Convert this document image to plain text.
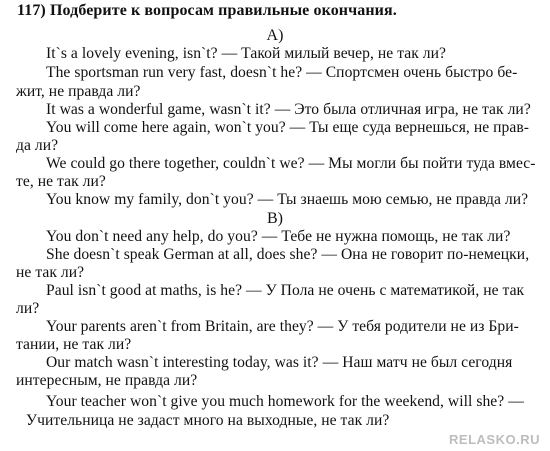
117) Подберите к вопросам правильные окончания.
A)
It`s a lovely evening, isn`t? — Такой милый вечер, не так ли?
The sportsman run very fast, doesn`t he? — Спортсмен очень быстро бе-
жит, не правда ли?
It was a wonderful game, wasn`t it? — Это была отличная игра, не так ли?
You will come here again, won`t you? — Ты еще суда вернешься, не прав-
да ли?
We could go there together, couldn`t we? — Мы могли бы пойти туда вмес-
те, не так ли?
You know my family, don`t you? — Ты знаешь мою семью, не правда ли?
B)
You don`t need any help, do you? — Тебе не нужна помощь, не так ли?
She doesn`t speak German at all, does she? — Она не говорит по-немецки,
не так ли?
Paul isn`t good at maths, is he? — У Пола не очень с математикой, не так
ли?
Your parents aren`t from Britain, are they? — У тебя родители не из Бри-
тании, не так ли?
Our match wasn`t interesting today, was it? — Наш матч не был сегодня
интересным, не правда ли?
Your teacher won`t give you much homework for the weekend, will she? —
Учительница не задаст много на выходные, не так ли?
RELASKO.RU
